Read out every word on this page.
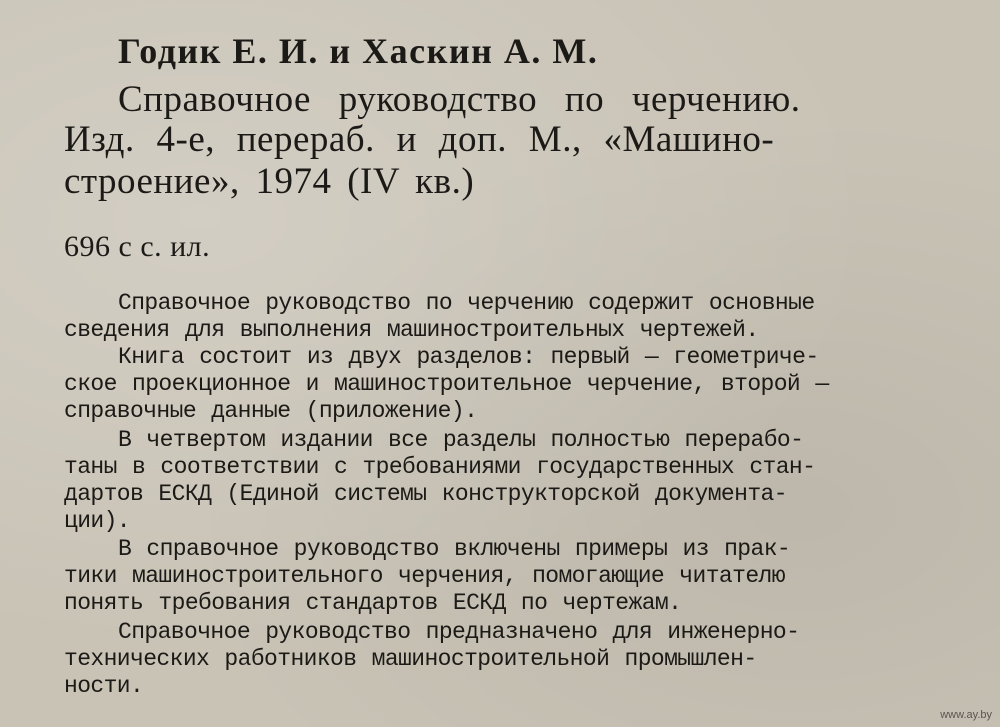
Годик Е. И. и Хаскин А. М.
Справочное руководство по черчению.
Изд. 4-е, перераб. и доп. М., «Машино-
строение», 1974 (IV кв.)
696 с с. ил.
Справочное руководство по черчению содержит основные
сведения для выполнения машиностроительных чертежей.
Книга состоит из двух разделов: первый — геометриче-
ское проекционное и машиностроительное черчение, второй —
справочные данные (приложение).
В четвертом издании все разделы полностью перерабо-
таны в соответствии с требованиями государственных стан-
дартов ЕСКД (Единой системы конструкторской документа-
ции).
В справочное руководство включены примеры из прак-
тики машиностроительного черчения, помогающие читателю
понять требования стандартов ЕСКД по чертежам.
Справочное руководство предназначено для инженерно-
технических работников машиностроительной промышлен-
ности.
www.ay.by
